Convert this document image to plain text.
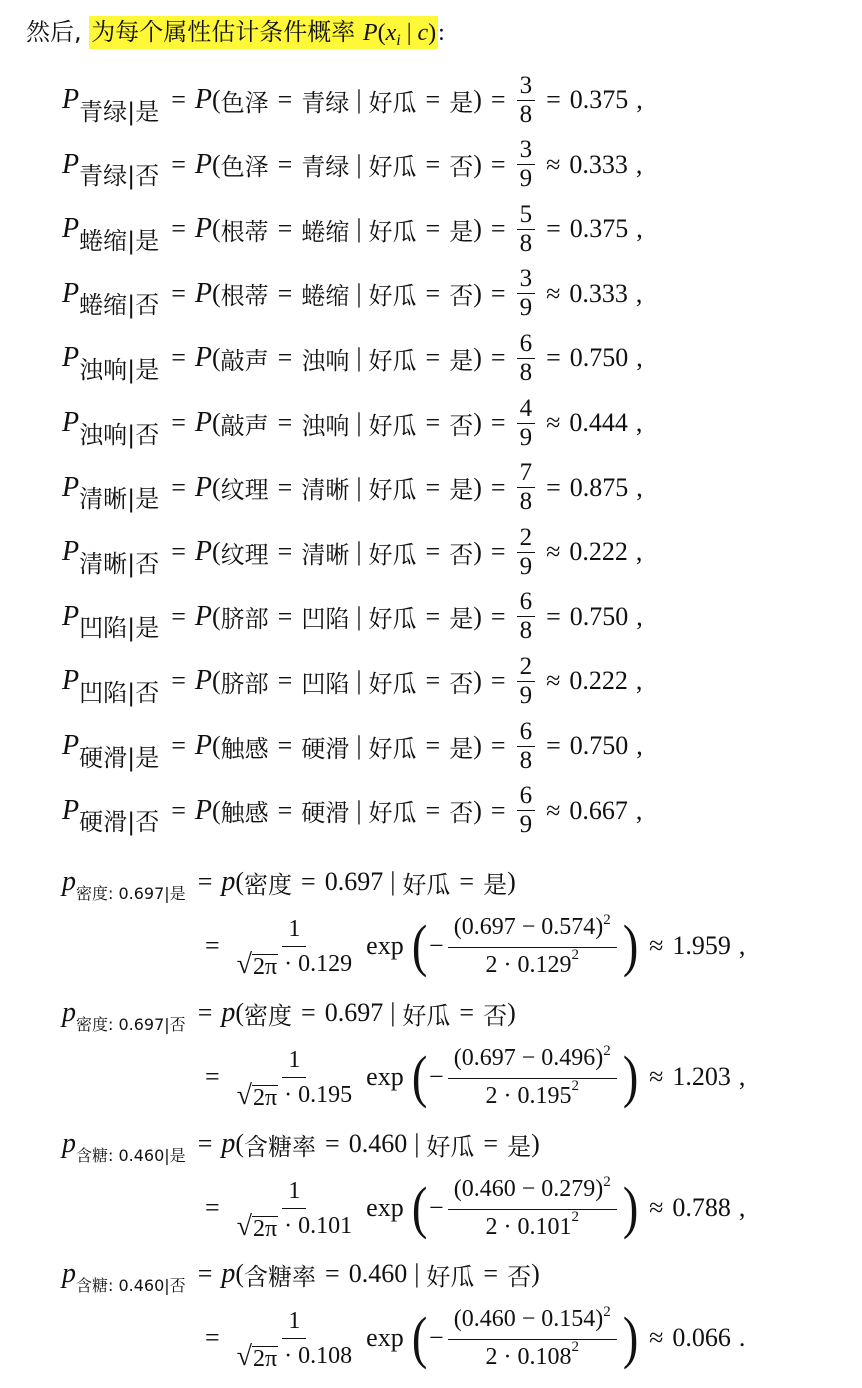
然后, 为每个属性估计条件概率 $P(x_i$ | c):
P 青绿|是 = P ( 色泽 = 青绿 | 好瓜 = 是 ) = $\frac{3}{8} = 0.375$ ,
P 青绿|否 = P ( 色泽 = 青绿 | 好瓜 = 否 ) = $\frac{3}{9} \approx 0.333$ ,
P 蜷缩|是 = P ( 根蒂 = 蜷缩 | 好瓜 = 是 ) = $\frac{5}{8} = 0.375$ ,
P 蜷缩|否 = P ( 根蒂 = 蜷缩 | 好瓜 = 否 ) = $\frac{3}{9} \approx 0.333$ ,
P 浊响|是 = P ( 敲声 = 浊响 | 好瓜 = 是 ) = $\frac{6}{8} = 0.750$ ,
P 浊响|否 = P ( 敲声 = 浊响 | 好瓜 = 否 ) = $\frac{4}{9} \approx 0.444$ ,
P 清晰|是 = P ( 纹理 = 清晰 | 好瓜 = 是 ) = $\frac{7}{8} = 0.875$ ,
P 清晰|否 = P ( 纹理 = 清晰 | 好瓜 = 否 ) = $\frac{2}{9} \approx 0.222$ ,
P 凹陷|是 = P ( 脐部 = 凹陷 | 好瓜 = 是 ) = $\frac{6}{8} = 0.750$ ,
P 凹陷|否 = P ( 脐部 = 凹陷 | 好瓜 = 否 ) = $\frac{2}{9} \approx 0.222$ ,
P 硬滑|是 = P ( 触感 = 硬滑 | 好瓜 = 是 ) = $\frac{6}{8} = 0.750$ ,
P 硬滑|否 = P ( 触感 = 硬滑 | 好瓜 = 否 ) = $\frac{6}{9} \approx 0.667$ ,
p 密度: 0.697|是 = p ( 密度 = 0.697 | 好瓜 = 是 )
= $\frac{1}{√ 2\pi \cdot 0.129}$ exp ( − $\frac{(0.697 - 0.574)^2}{2 \cdot 0.129 2}$ ) ≈ 1.959 ,
p 密度: 0.697|否 = p ( 密度 = 0.697 | 好瓜 = 否 )
= $\frac{1}{√ 2\pi \cdot 0.195}$ exp ( − $\frac{(0.697 - 0.496)^2}{2 \cdot 0.195 2}$ ) ≈ 1.203 ,
p 含糖: 0.460|是 = p ( 含糖率 = 0.460 | 好瓜 = 是 )
= $\frac{1}{√ 2\pi \cdot 0.101}$ exp ( − $\frac{(0.460 - 0.279)^2}{2 \cdot 0.101 2}$ ) ≈ 0.788 ,
p 含糖: 0.460|否 = p ( 含糖率 = 0.460 | 好瓜 = 否 )
= $\frac{1}{√ 2\pi \cdot 0.108}$ exp ( − $\frac{(0.460 - 0.154)^2}{2 \cdot 0.108 2}$ ) ≈ 0.066 .
